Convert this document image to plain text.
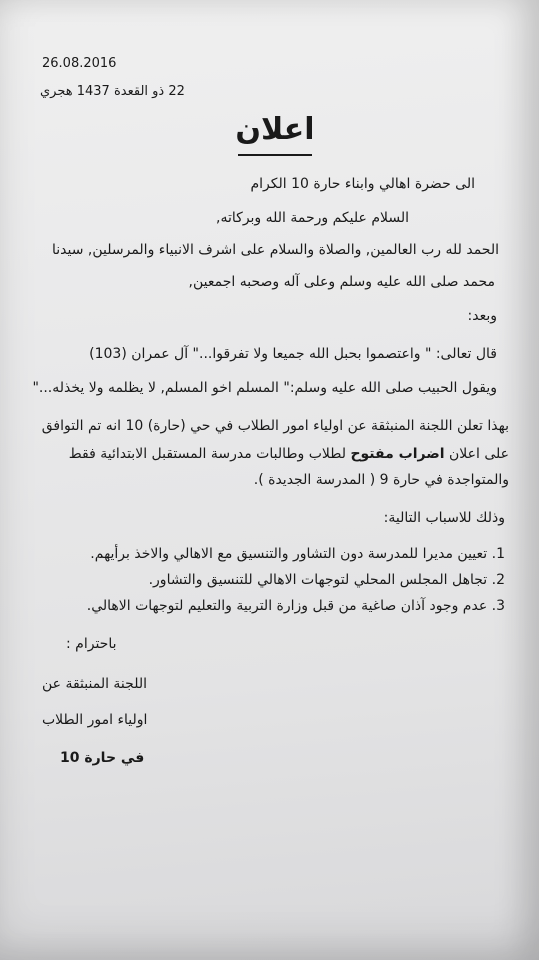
26.08.2016
22 ذو القعدة 1437 هجري
اعلان
الى حضرة اهالي وابناء حارة 10 الكرام
السلام عليكم ورحمة الله وبركاته,
الحمد لله رب العالمين, والصلاة والسلام على اشرف الانبياء والمرسلين, سيدنا
محمد صلى الله عليه وسلم وعلى آله وصحبه اجمعين,
وبعد:
قال تعالى: " واعتصموا بحبل الله جميعا ولا تفرقوا..." آل عمران (103)
ويقول الحبيب صلى الله عليه وسلم:" المسلم اخو المسلم, لا يظلمه ولا يخذله..."
بهذا تعلن اللجنة المنبثقة عن اولياء امور الطلاب في حي (حارة) 10 انه تم التوافق
على اعلان اضراب مفتوح لطلاب وطالبات مدرسة المستقبل الابتدائية فقط
والمتواجدة في حارة 9 ( المدرسة الجديدة ).
وذلك للاسباب التالية:
1. تعيين مديرا للمدرسة دون التشاور والتنسيق مع الاهالي والاخذ برأيهم.
2. تجاهل المجلس المحلي لتوجهات الاهالي للتنسيق والتشاور.
3. عدم وجود آذان صاغية من قبل وزارة التربية والتعليم لتوجهات الاهالي.
باحترام :
اللجنة المنبثقة عن
اولياء امور الطلاب
في حارة 10
